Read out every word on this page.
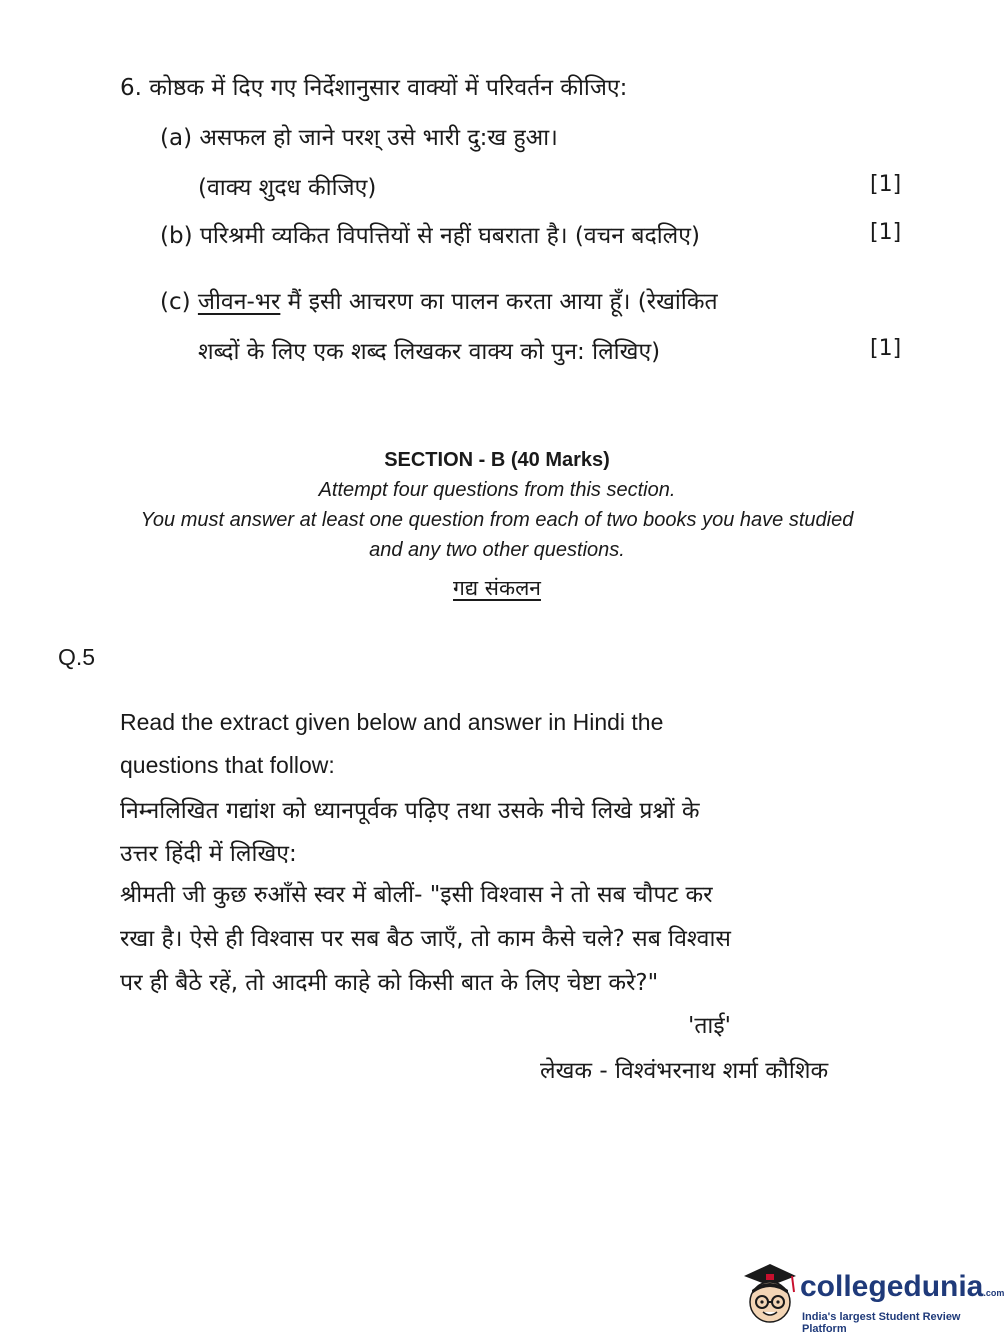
6. कोष्ठक में दिए गए निर्देशानुसार वाक्यों में परिवर्तन कीजिए:
(a) असफल हो जाने परश् उसे भारी दु:ख हुआ।
(वाक्य शुदध कीजिए)	[1]
(b) परिश्रमी व्यकित विपत्तियों से नहीं घबराता है। (वचन बदलिए)	[1]
(c) जीवन-भर मैं इसी आचरण का पालन करता आया हूँ। (रेखांकित
शब्दों के लिए एक शब्द लिखकर वाक्य को पुन: लिखिए)	[1]
SECTION - B (40 Marks)
Attempt four questions from this section.
You must answer at least one question from each of two books you have studied
and any two other questions.
गद्य संकलन
Q.5
Read the extract given below and answer in Hindi the
questions that follow:
निम्नलिखित गद्यांश को ध्यानपूर्वक पढ़िए तथा उसके नीचे लिखे प्रश्नों के
उत्तर हिंदी में लिखिए:
श्रीमती जी कुछ रुआँसे स्वर में बोलीं- "इसी विश्वास ने तो सब चौपट कर
रखा है। ऐसे ही विश्वास पर सब बैठ जाएँ, तो काम कैसे चले? सब विश्वास
पर ही बैठे रहें, तो आदमी काहे को किसी बात के लिए चेष्टा करे?"
'ताई'
लेखक - विश्वंभरनाथ शर्मा कौशिक
collegedunia.com
India's largest Student Review Platform
